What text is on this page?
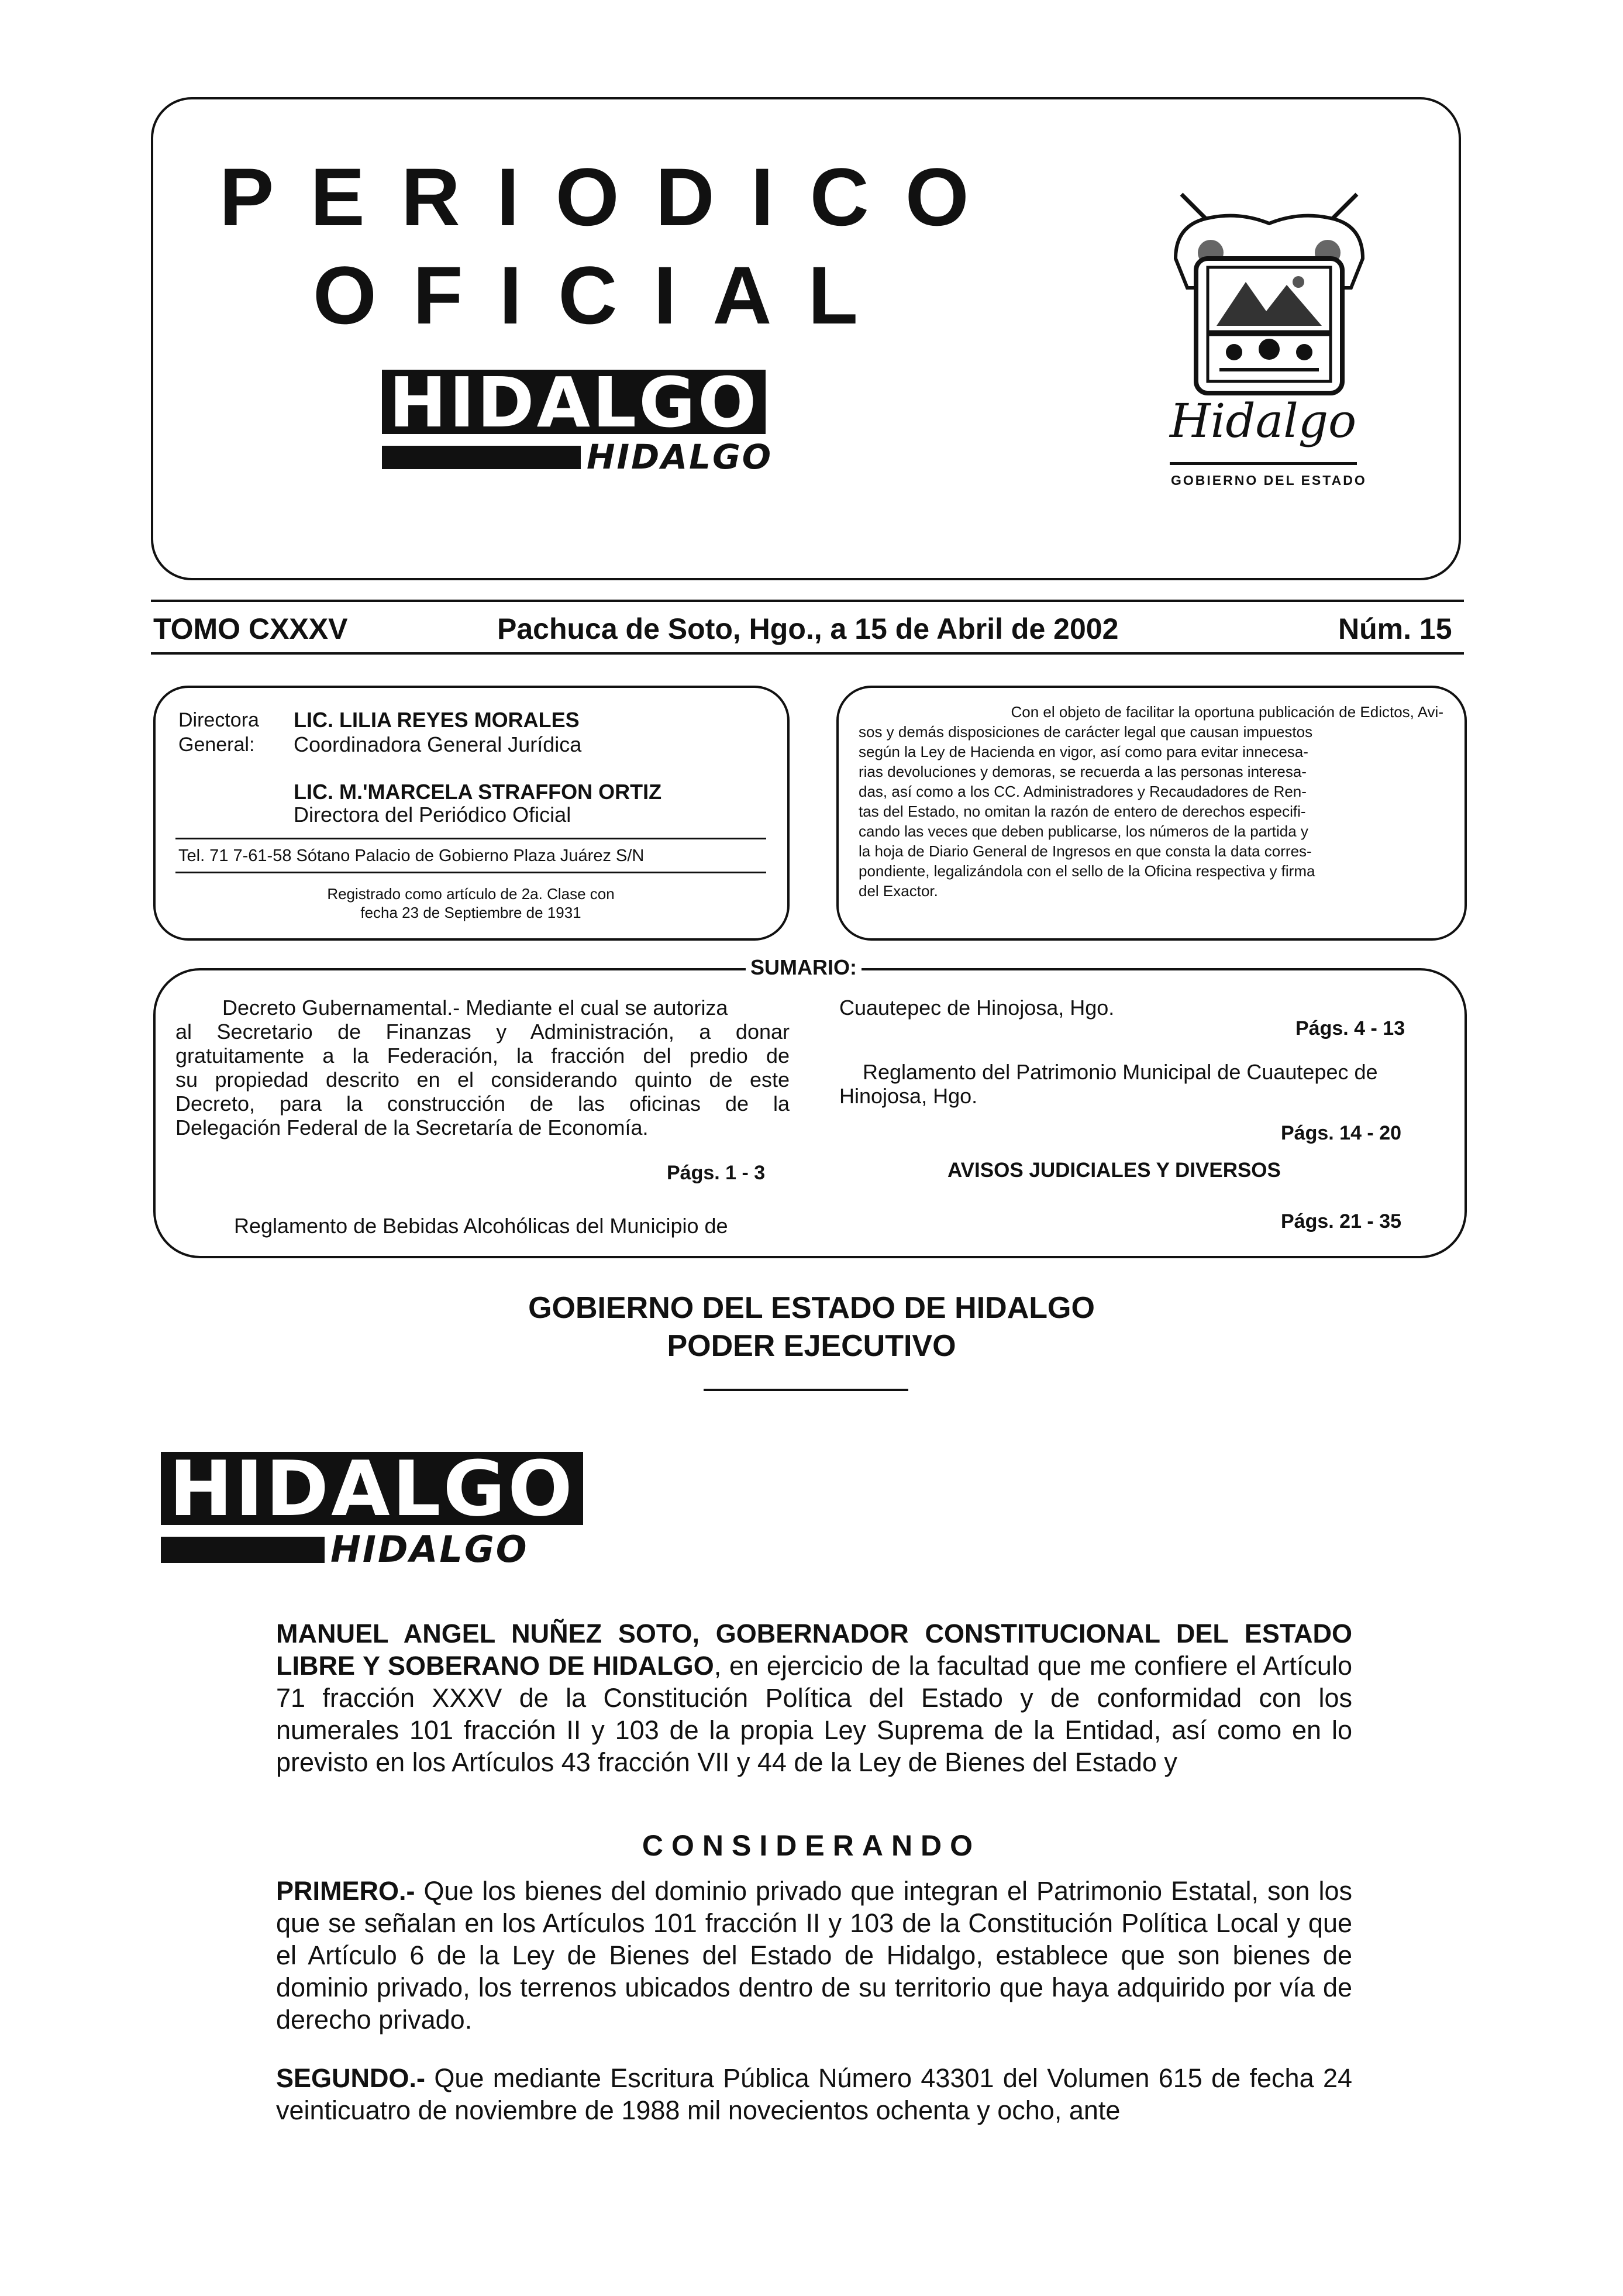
PERIODICO
OFICIAL
HIDALGO
HIDALGO
Hidalgo
GOBIERNO DEL ESTADO
TOMO CXXXV	Pachuca de Soto, Hgo., a 15 de Abril de 2002	Núm. 15
Directora
General:
LIC. LILIA REYES MORALES
Coordinadora General Jurídica
LIC. M.'MARCELA STRAFFON ORTIZ
Directora del Periódico Oficial
Tel. 71 7-61-58 Sótano Palacio de Gobierno Plaza Juárez S/N
Registrado como artículo de 2a. Clase con
fecha 23 de Septiembre de 1931
Con el objeto de facilitar la oportuna publicación de Edictos, Avi-
sos y demás disposiciones de carácter legal que causan impuestos
según la Ley de Hacienda en vigor, así como para evitar innecesa-
rias devoluciones y demoras, se recuerda a las personas interesa-
das, así como a los CC. Administradores y Recaudadores de Ren-
tas del Estado, no omitan la razón de entero de derechos especifi-
cando las veces que deben publicarse, los números de la partida y
la hoja de Diario General de Ingresos en que consta la data corres-
pondiente, legalizándola con el sello de la Oficina respectiva y firma
del Exactor.
SUMARIO:
Decreto Gubernamental.- Mediante el cual se autoriza
al Secretario de Finanzas y Administración, a donar
gratuitamente a la Federación, la fracción del predio de
su propiedad descrito en el considerando quinto de este
Decreto, para la construcción de las oficinas de la
Delegación Federal de la Secretaría de Economía.
Págs. 1 - 3
Reglamento de Bebidas Alcohólicas del Municipio de
Cuautepec de Hinojosa, Hgo.
Págs. 4 - 13
Reglamento del Patrimonio Municipal de Cuautepec de
Hinojosa, Hgo.
Págs. 14 - 20
AVISOS JUDICIALES Y DIVERSOS
Págs. 21 - 35
GOBIERNO DEL ESTADO DE HIDALGO
PODER EJECUTIVO
HIDALGO
HIDALGO
MANUEL ANGEL NUÑEZ SOTO, GOBERNADOR CONSTITUCIONAL DEL ESTADO LIBRE Y SOBERANO DE HIDALGO, en ejercicio de la facultad que me confiere el Artículo 71 fracción XXXV de la Constitución Política del Estado y de conformidad con los numerales 101 fracción II y 103 de la propia Ley Suprema de la Entidad, así como en lo previsto en los Artículos 43 fracción VII y 44 de la Ley de Bienes del Estado y
CONSIDERANDO
PRIMERO.- Que los bienes del dominio privado que integran el Patrimonio Estatal, son los que se señalan en los Artículos 101 fracción II y 103 de la Constitución Política Local y que el Artículo 6 de la Ley de Bienes del Estado de Hidalgo, establece que son bienes de dominio privado, los terrenos ubicados dentro de su territorio que haya adquirido por vía de derecho privado.
SEGUNDO.- Que mediante Escritura Pública Número 43301 del Volumen 615 de fecha 24 veinticuatro de noviembre de 1988 mil novecientos ochenta y ocho, ante
